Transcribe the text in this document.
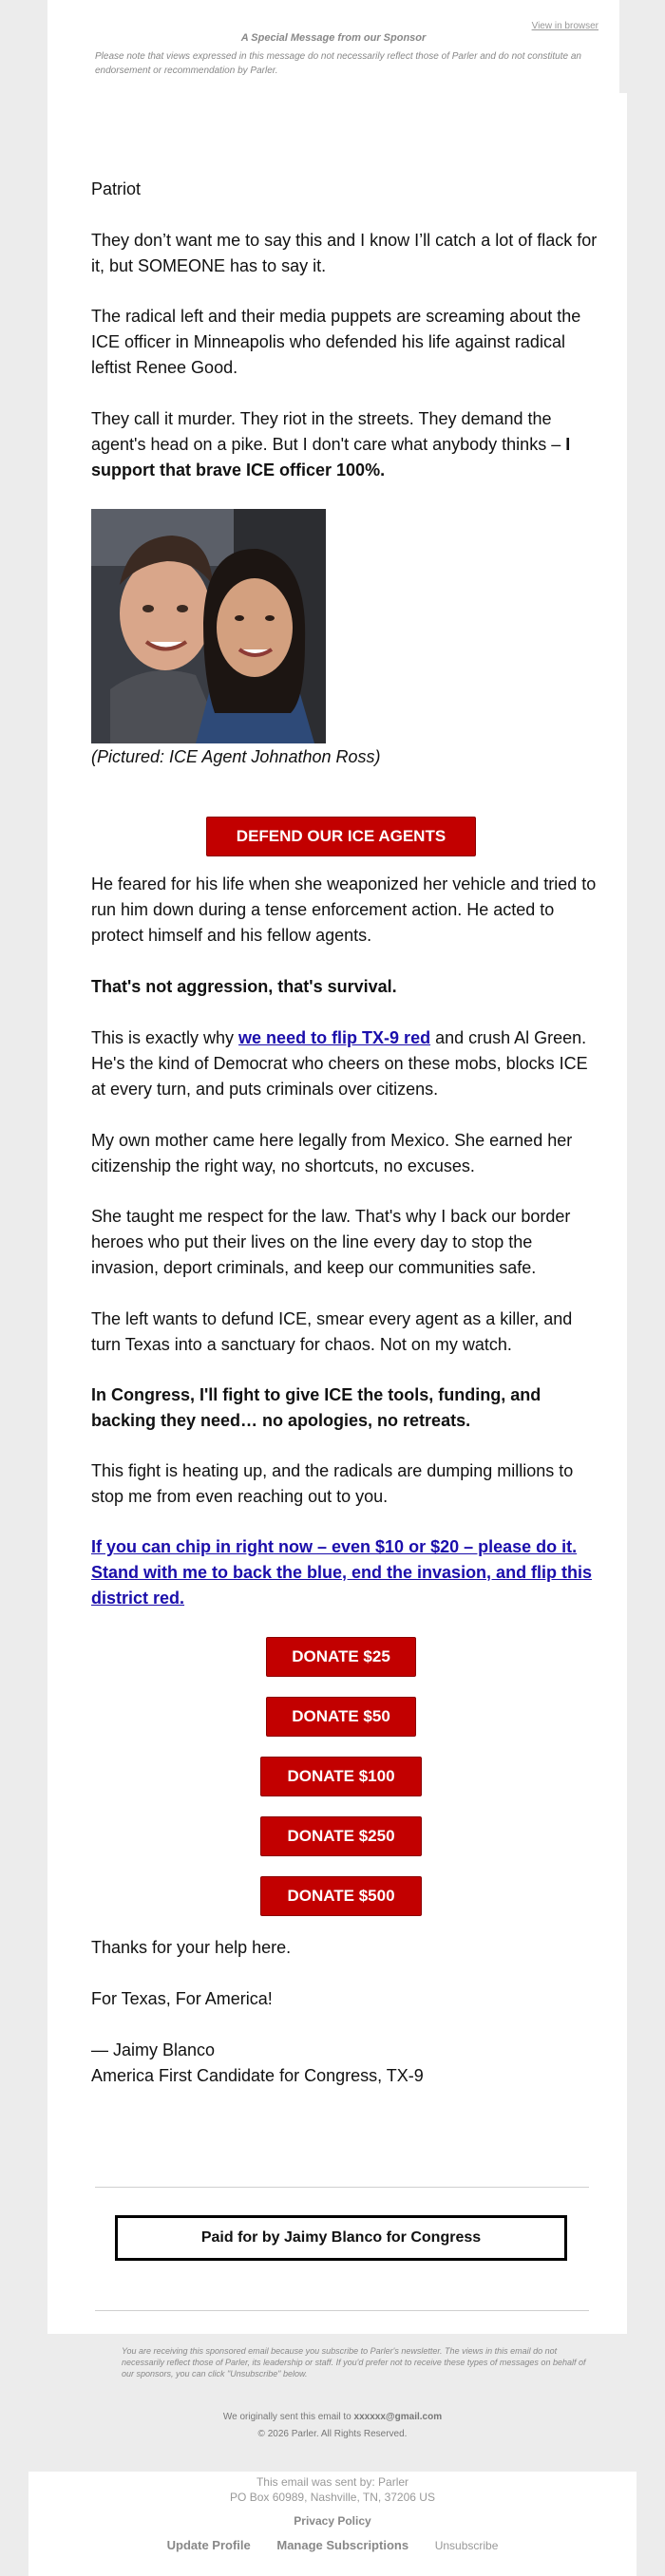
View in browser
A Special Message from our Sponsor
Please note that views expressed in this message do not necessarily reflect those of Parler and do not constitute an endorsement or recommendation by Parler.
Patriot

They don’t want me to say this and I know I’ll catch a lot of flack for it, but SOMEONE has to say it.

The radical left and their media puppets are screaming about the ICE officer in Minneapolis who defended his life against radical leftist Renee Good.

They call it murder. They riot in the streets. They demand the agent's head on a pike. But I don't care what anybody thinks – I support that brave ICE officer 100%.

(Pictured: ICE Agent Johnathon Ross)
DEFEND OUR ICE AGENTS

He feared for his life when she weaponized her vehicle and tried to run him down during a tense enforcement action. He acted to protect himself and his fellow agents.

That's not aggression, that's survival.

This is exactly why we need to flip TX-9 red and crush Al Green. He's the kind of Democrat who cheers on these mobs, blocks ICE at every turn, and puts criminals over citizens.

My own mother came here legally from Mexico. She earned her citizenship the right way, no shortcuts, no excuses.
She taught me respect for the law. That's why I back our border heroes who put their lives on the line every day to stop the invasion, deport criminals, and keep our communities safe.
The left wants to defund ICE, smear every agent as a killer, and turn Texas into a sanctuary for chaos. Not on my watch.
In Congress, I'll fight to give ICE the tools, funding, and backing they need… no apologies, no retreats.
This fight is heating up, and the radicals are dumping millions to stop me from even reaching out to you.
If you can chip in right now – even $10 or $20 – please do it. Stand with me to back the blue, end the invasion, and flip this district red.
DONATE $25
DONATE $50
DONATE $100
DONATE $250
DONATE $500
Thanks for your help here.
For Texas, For America!
— Jaimy Blanco
America First Candidate for Congress, TX-9
Paid for by Jaimy Blanco for Congress
You are receiving this sponsored email because you subscribe to Parler's newsletter. The views in this email do not necessarily reflect those of Parler, its leadership or staff. If you'd prefer not to receive these types of messages on behalf of our sponsors, you can click "Unsubscribe" below.
We originally sent this email to xxxxxx@gmail.com
© 2026 Parler. All Rights Reserved.
This email was sent by: Parler
PO Box 60989, Nashville, TN, 37206 US
Privacy Policy
Update Profile Manage Subscriptions Unsubscribe
